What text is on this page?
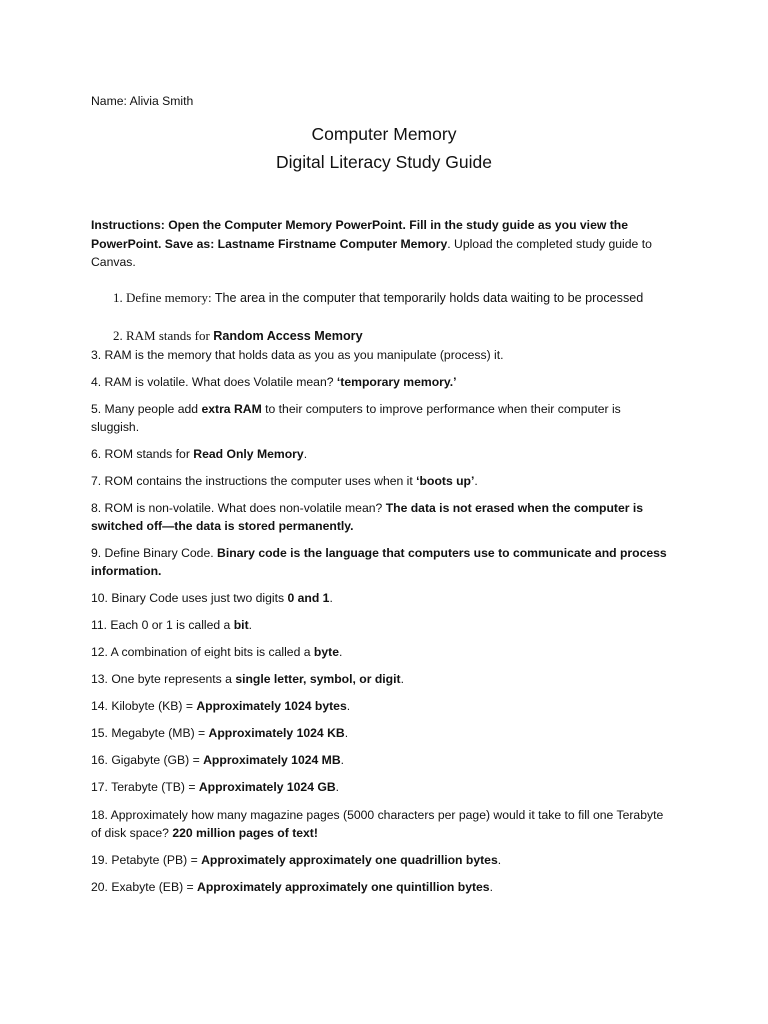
Name: Alivia Smith
Computer Memory
Digital Literacy Study Guide
Instructions: Open the Computer Memory PowerPoint. Fill in the study guide as you view the PowerPoint. Save as: Lastname Firstname Computer Memory. Upload the completed study guide to Canvas.
1. Define memory: The area in the computer that temporarily holds data waiting to be processed
2. RAM stands for Random Access Memory
3. RAM is the memory that holds data as you as you manipulate (process) it.
4. RAM is volatile. What does Volatile mean? ‘temporary memory.’
5. Many people add extra RAM to their computers to improve performance when their computer is sluggish.
6. ROM stands for Read Only Memory.
7. ROM contains the instructions the computer uses when it ‘boots up’.
8. ROM is non-volatile. What does non-volatile mean? The data is not erased when the computer is switched off—the data is stored permanently.
9. Define Binary Code. Binary code is the language that computers use to communicate and process information.
10. Binary Code uses just two digits 0 and 1.
11. Each 0 or 1 is called a bit.
12. A combination of eight bits is called a byte.
13. One byte represents a single letter, symbol, or digit.
14. Kilobyte (KB) = Approximately 1024 bytes.
15. Megabyte (MB) = Approximately 1024 KB.
16. Gigabyte (GB) = Approximately 1024 MB.
17. Terabyte (TB) = Approximately 1024 GB.
18. Approximately how many magazine pages (5000 characters per page) would it take to fill one Terabyte of disk space? 220 million pages of text!
19. Petabyte (PB) = Approximately approximately one quadrillion bytes.
20. Exabyte (EB) = Approximately approximately one quintillion bytes.
